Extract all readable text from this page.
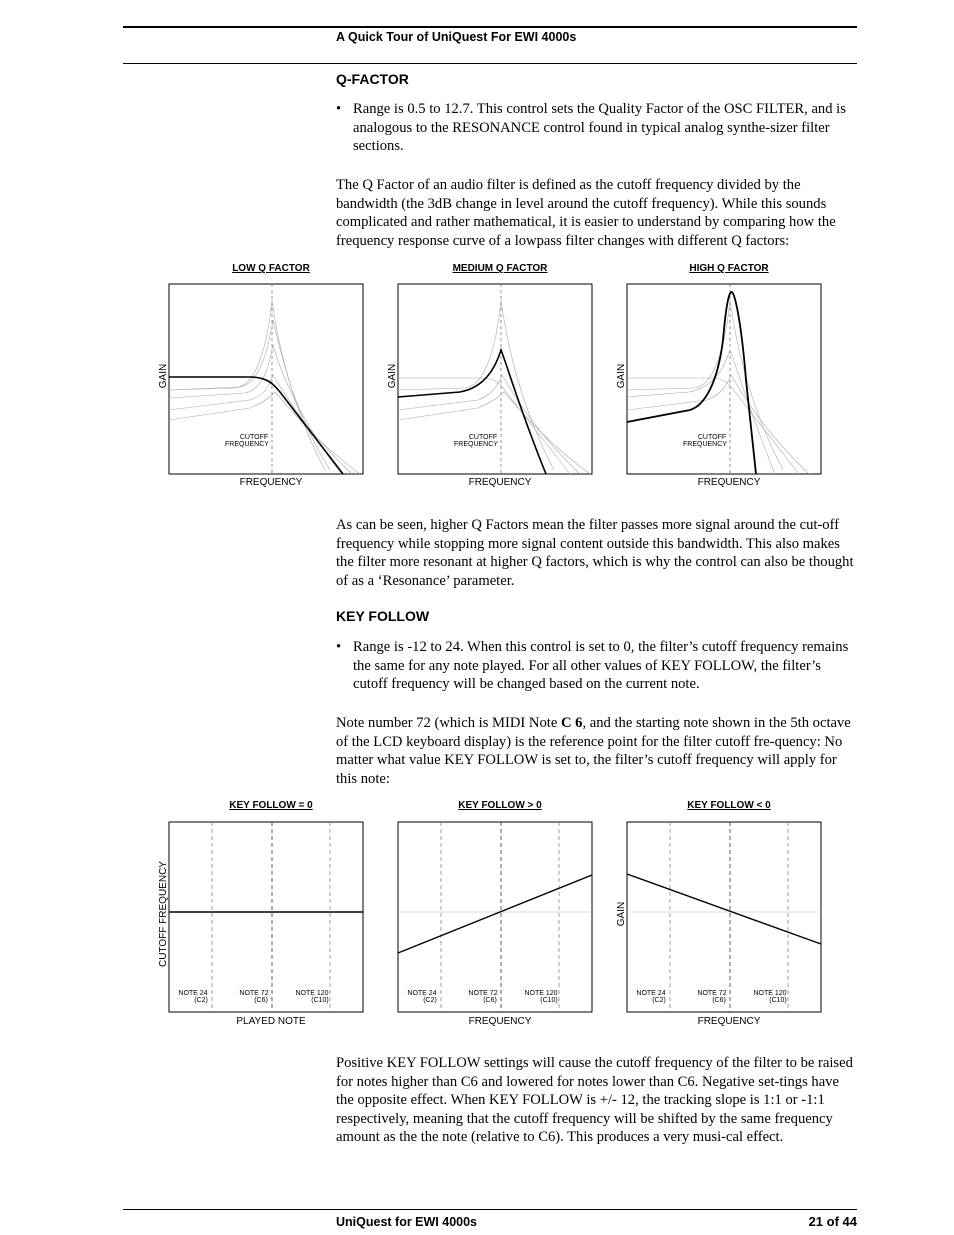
A Quick Tour of UniQuest For EWI 4000s
Q-FACTOR
• Range is 0.5 to 12.7. This control sets the Quality Factor of the OSC FILTER, and is analogous to the RESONANCE control found in typical analog synthe-sizer filter sections.
The Q Factor of an audio filter is defined as the cutoff frequency divided by the bandwidth (the 3dB change in level around the cutoff frequency). While this sounds complicated and rather mathematical, it is easier to understand by comparing how the frequency response curve of a lowpass filter changes with different Q factors:
LOW Q FACTOR
CUTOFF
FREQUENCY
GAIN
FREQUENCY
MEDIUM Q FACTOR
CUTOFF
FREQUENCY
GAIN
FREQUENCY
HIGH Q FACTOR
CUTOFF
FREQUENCY
GAIN
FREQUENCY
As can be seen, higher Q Factors mean the filter passes more signal around the cut-off frequency while stopping more signal content outside this bandwidth. This also makes the filter more resonant at higher Q factors, which is why the control can also be thought of as a ‘Resonance’ parameter.
KEY FOLLOW
• Range is -12 to 24. When this control is set to 0, the filter’s cutoff frequency remains the same for any note played. For all other values of KEY FOLLOW, the filter’s cutoff frequency will be changed based on the current note.
Note number 72 (which is MIDI Note C 6, and the starting note shown in the 5th octave of the LCD keyboard display) is the reference point for the filter cutoff fre-quency: No matter what value KEY FOLLOW is set to, the filter’s cutoff frequency will apply for this note:
KEY FOLLOW = 0
NOTE 24
(C2)
NOTE 72
(C6)
NOTE 120
(C10)
CUTOFF FREQUENCY
PLAYED NOTE
KEY FOLLOW > 0
NOTE 24
(C2)
NOTE 72
(C6)
NOTE 120
(C10)
FREQUENCY
KEY FOLLOW < 0
NOTE 24
(C2)
NOTE 72
(C6)
NOTE 120
(C10)
GAIN
FREQUENCY
Positive KEY FOLLOW settings will cause the cutoff frequency of the filter to be raised for notes higher than C6 and lowered for notes lower than C6. Negative set-tings have the opposite effect. When KEY FOLLOW is +/- 12, the tracking slope is 1:1 or -1:1 respectively, meaning that the cutoff frequency will be shifted by the same frequency amount as the the note (relative to C6). This produces a very musi-cal effect.
UniQuest for EWI 4000s	21 of 44
